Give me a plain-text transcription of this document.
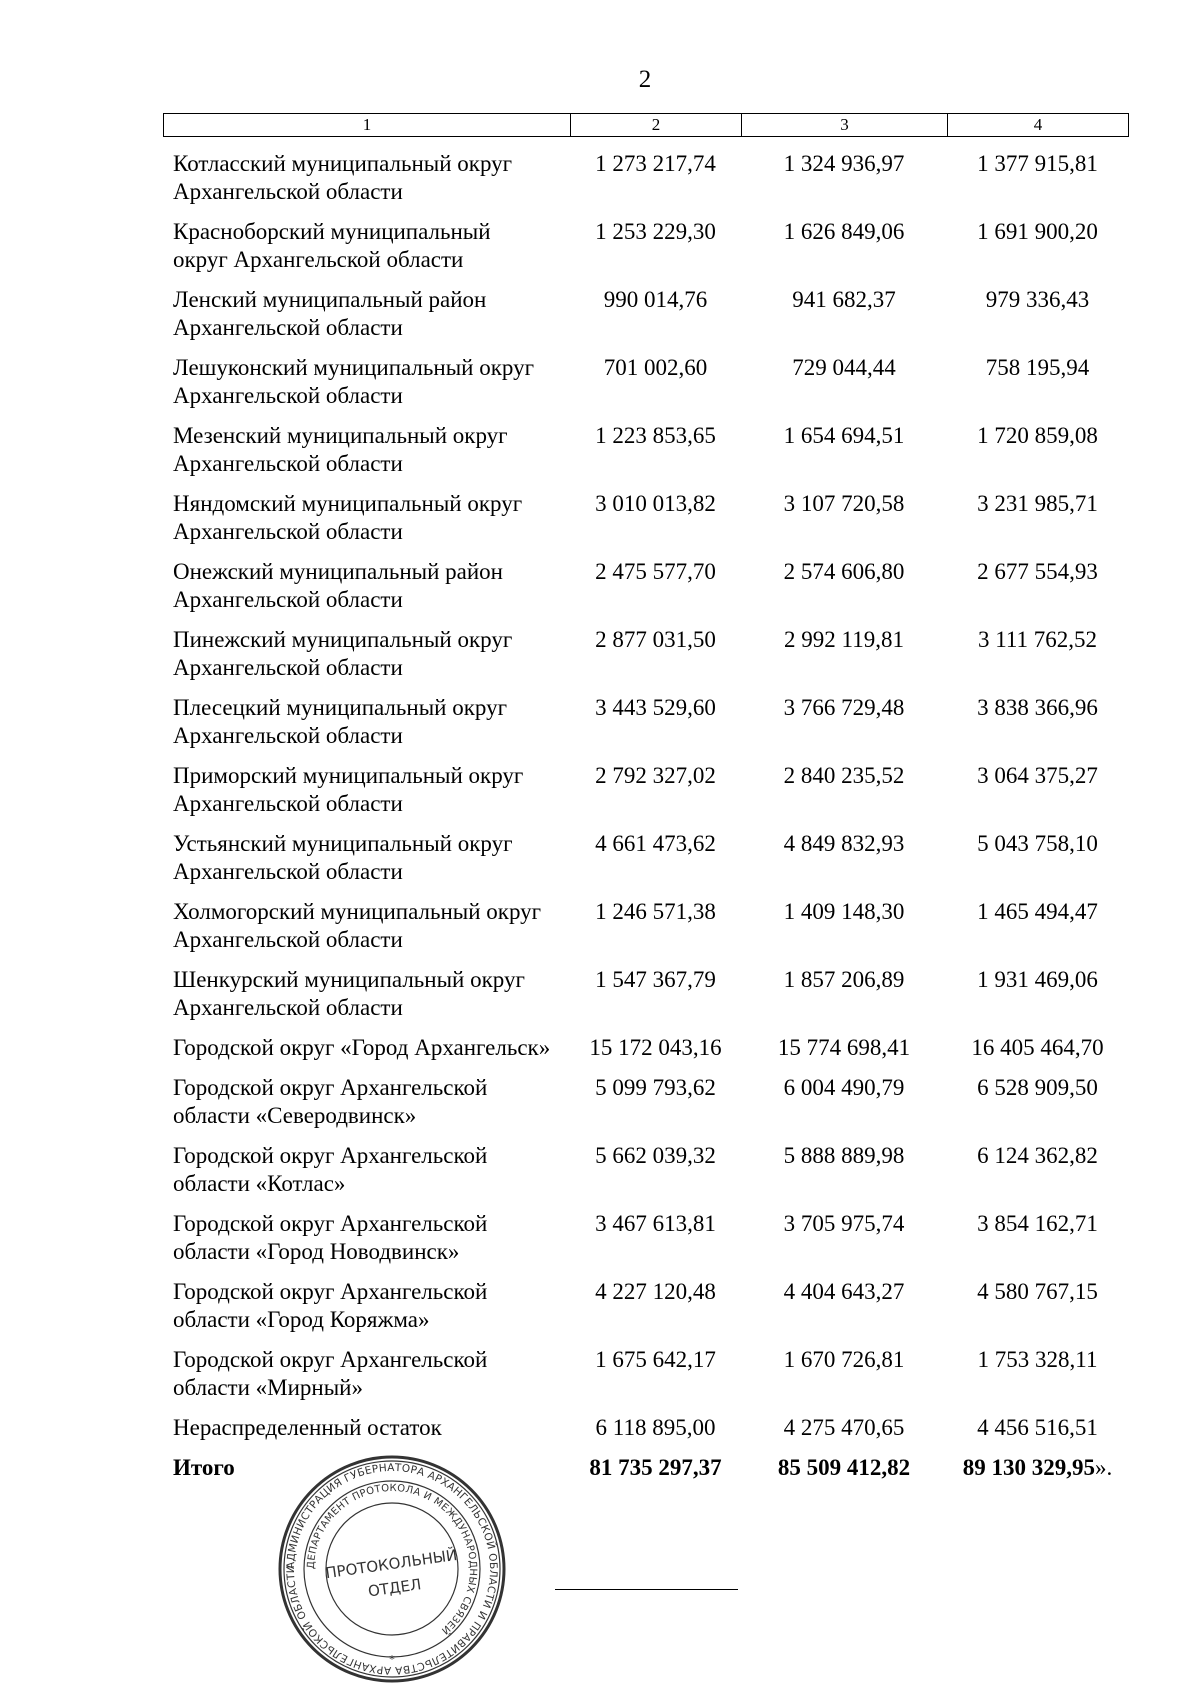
2
1	2	3	4
Котласский муниципальный округ
Архангельской области	1 273 217,74	1 324 936,97	1 377 915,81

Красноборский муниципальный
округ Архангельской области	1 253 229,30	1 626 849,06	1 691 900,20

Ленский муниципальный район
Архангельской области	990 014,76	941 682,37	979 336,43

Лешуконский муниципальный округ
Архангельской области	701 002,60	729 044,44	758 195,94

Мезенский муниципальный округ
Архангельской области	1 223 853,65	1 654 694,51	1 720 859,08

Няндомский муниципальный округ
Архангельской области	3 010 013,82	3 107 720,58	3 231 985,71

Онежский муниципальный район
Архангельской области	2 475 577,70	2 574 606,80	2 677 554,93

Пинежский муниципальный округ
Архангельской области	2 877 031,50	2 992 119,81	3 111 762,52

Плесецкий муниципальный округ
Архангельской области	3 443 529,60	3 766 729,48	3 838 366,96

Приморский муниципальный округ
Архангельской области	2 792 327,02	2 840 235,52	3 064 375,27

Устьянский муниципальный округ
Архангельской области	4 661 473,62	4 849 832,93	5 043 758,10

Холмогорский муниципальный округ
Архангельской области	1 246 571,38	1 409 148,30	1 465 494,47

Шенкурский муниципальный округ
Архангельской области	1 547 367,79	1 857 206,89	1 931 469,06

Городской округ «Город Архангельск»	15 172 043,16	15 774 698,41	16 405 464,70

Городской округ Архангельской
области «Северодвинск»	5 099 793,62	6 004 490,79	6 528 909,50

Городской округ Архангельской
области «Котлас»	5 662 039,32	5 888 889,98	6 124 362,82

Городской округ Архангельской
области «Город Новодвинск»	3 467 613,81	3 705 975,74	3 854 162,71

Городской округ Архангельской
области «Город Коряжма»	4 227 120,48	4 404 643,27	4 580 767,15

Городской округ Архангельской
области «Мирный»	1 675 642,17	1 670 726,81	1 753 328,11

Нераспределенный остаток	6 118 895,00	4 275 470,65	4 456 516,51
Итого	81 735 297,37	85 509 412,82	89 130 329,95».
АДМИНИСТРАЦИЯ ГУБЕРНАТОРА АРХАНГЕЛЬСКОЙ ОБЛАСТИ И ПРАВИТЕЛЬСТВА АРХАНГЕЛЬСКОЙ ОБЛАСТИ ДЕПАРТАМЕНТ ПРОТОКОЛА И МЕЖДУНАРОДНЫХ СВЯЗЕЙ
ПРОТОКОЛЬНЫЙ
ОТДЕЛ
*
